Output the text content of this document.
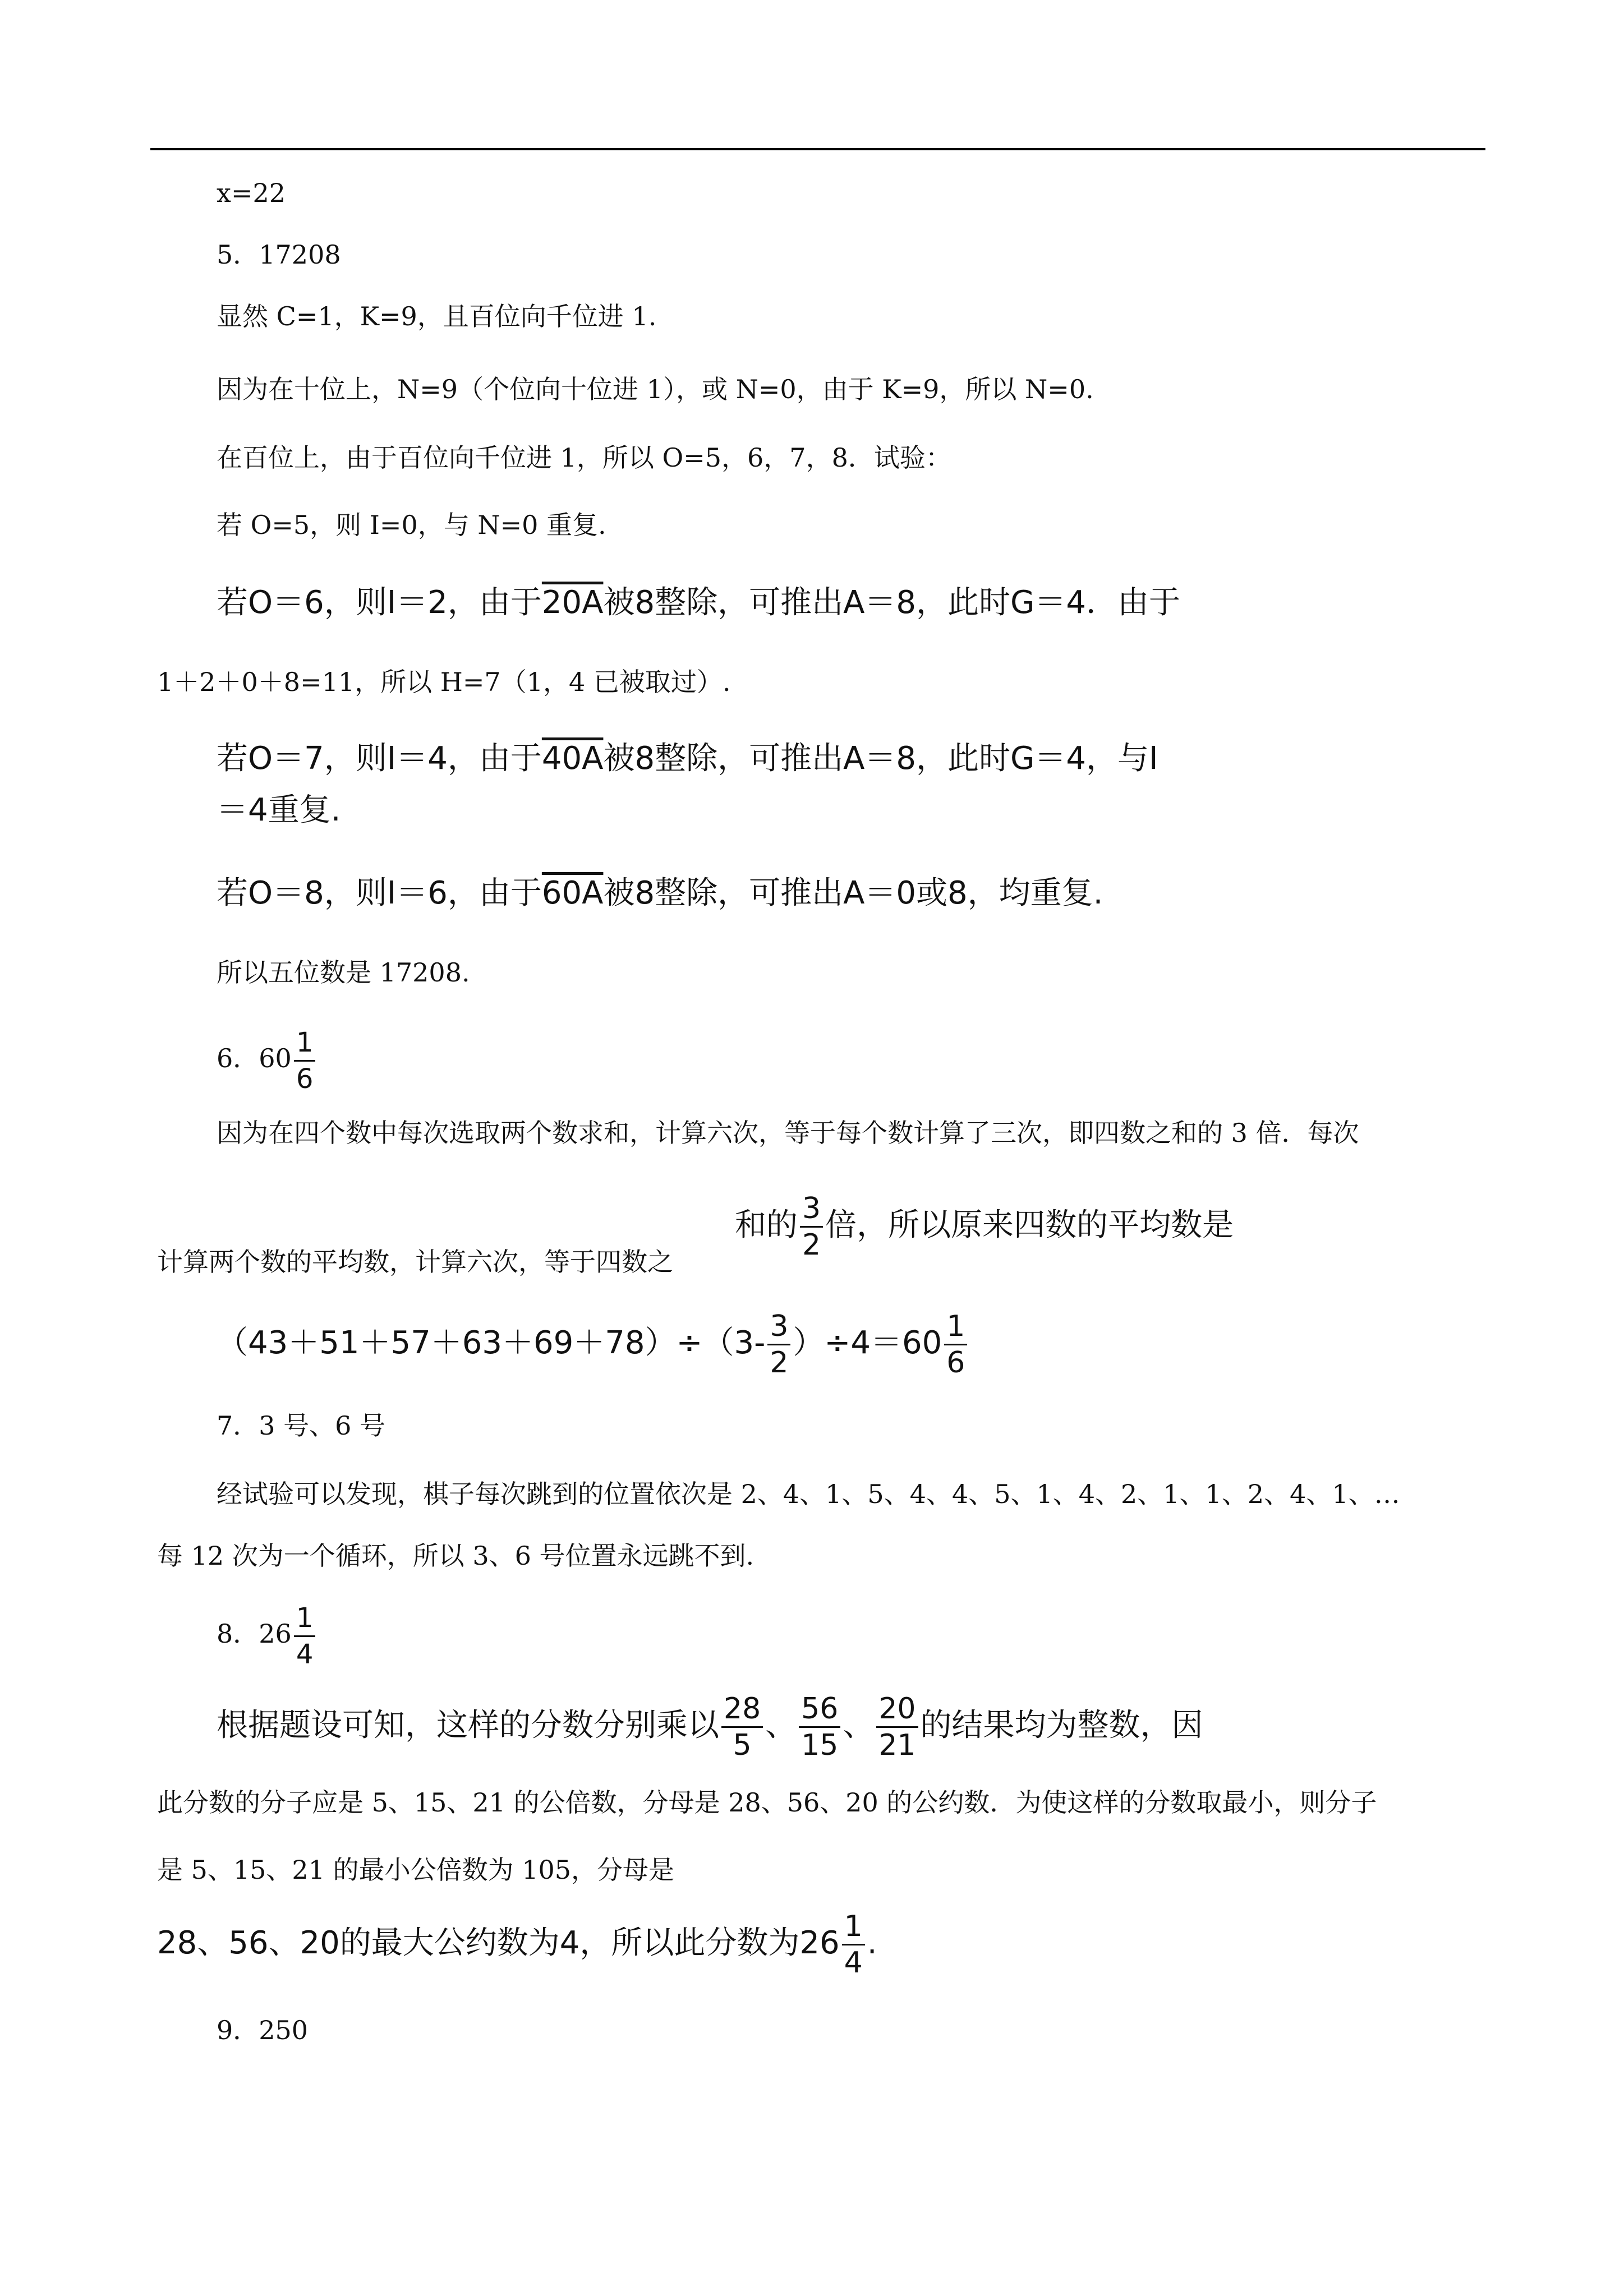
x=22
5．17208
显然 C=1，K=9，且百位向千位进 1.
因为在十位上，N=9（个位向十位进 1），或 N=0，由于 K=9，所以 N=0.
在百位上，由于百位向千位进 1，所以 O=5，6，7，8．试验：
若 O=5，则 I=0，与 N=0 重复.
若O＝6，则I＝2，由于20A被8整除，可推出A＝8，此时G＝4．由于
1＋2＋0＋8=11，所以 H=7（1，4 已被取过）.
若O＝7，则I＝4，由于40A被8整除，可推出A＝8，此时G＝4，与I
＝4重复.
若O＝8，则I＝6，由于60A被8整除，可推出A＝0或8，均重复.
所以五位数是 17208.
6．$60 \frac{1}{6}$
因为在四个数中每次选取两个数求和，计算六次，等于每个数计算了三次，即四数之和的 3 倍．每次
和的 $\frac{3}{2}$ 倍，所以原来四数的平均数是
计算两个数的平均数，计算六次，等于四数之
$(43+51+57+63+69+78)\div(3- \frac{3}{2} )\div 4=60 \frac{1}{6}$
7．3 号、6 号
经试验可以发现，棋子每次跳到的位置依次是 2、4、1、5、4、4、5、1、4、2、1、1、2、4、1、…
每 12 次为一个循环，所以 3、6 号位置永远跳不到.
8．$26 \frac{1}{4}$
根据题设可知，这样的分数分别乘以 $\frac{28}{5}$ 、 $\frac{56}{15}$ 、 $\frac{20}{21}$ 的结果均为整数，因
此分数的分子应是 5、15、21 的公倍数，分母是 28、56、20 的公约数．为使这样的分数取最小，则分子
是 5、15、21 的最小公倍数为 105，分母是
28、56、20的最大公约数为4，所以此分数为$26 \frac{1}{4}$ .
9．250
